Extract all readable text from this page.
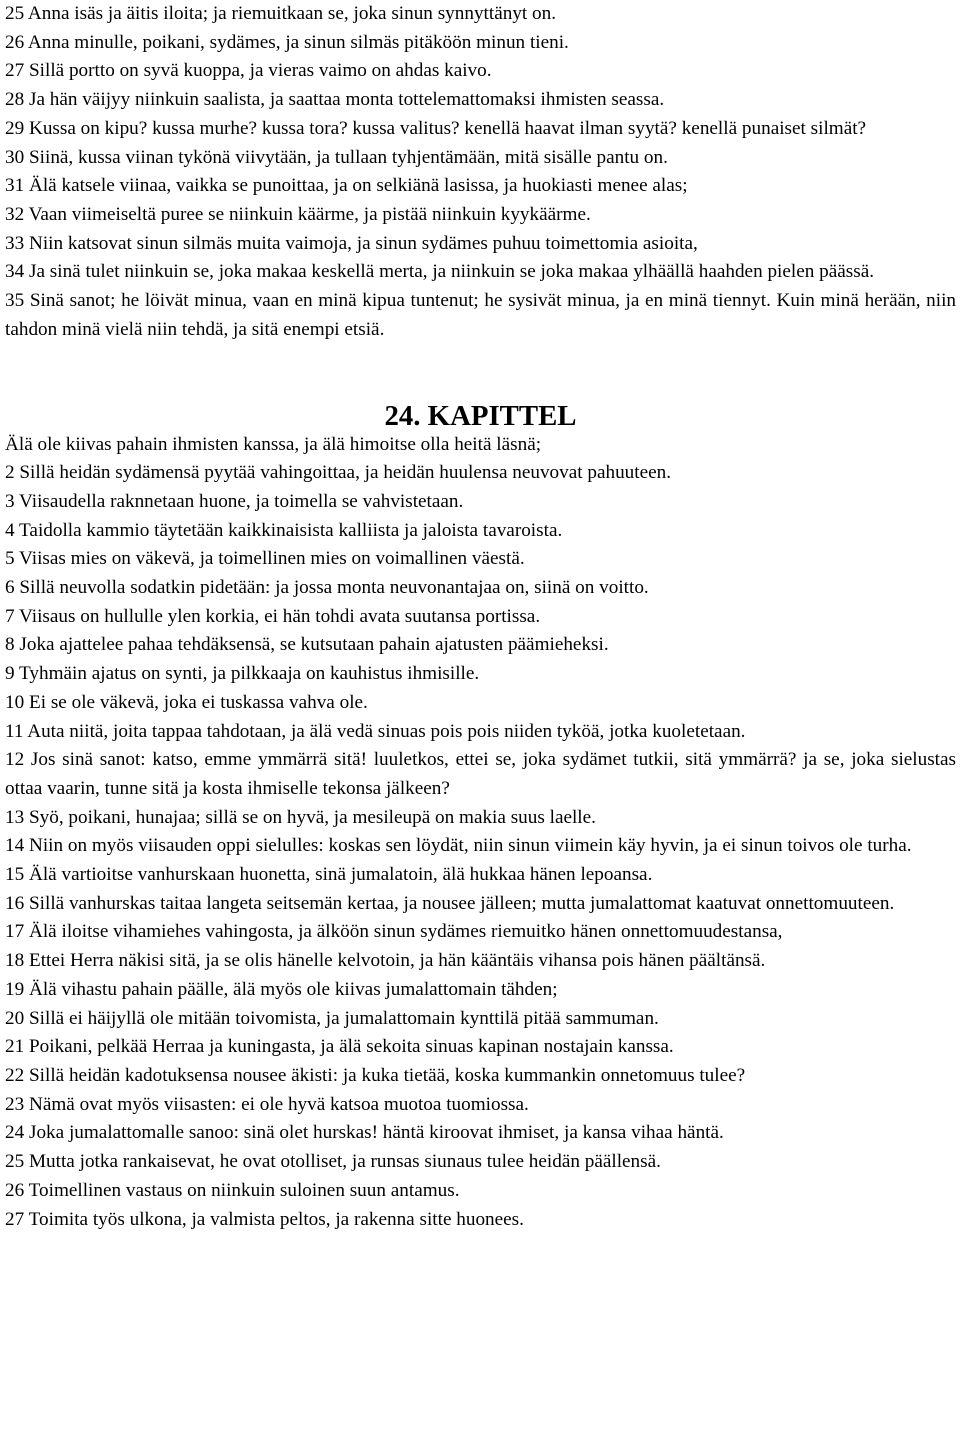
25 Anna isäs ja äitis iloita; ja riemuitkaan se, joka sinun synnyttänyt on.

26 Anna minulle, poikani, sydämes, ja sinun silmäs pitäköön minun tieni.

27 Sillä portto on syvä kuoppa, ja vieras vaimo on ahdas kaivo.

28 Ja hän väijyy niinkuin saalista, ja saattaa monta tottelemattomaksi ihmisten seassa.

29 Kussa on kipu? kussa murhe? kussa tora? kussa valitus? kenellä haavat ilman syytä? kenellä punaiset silmät?

30 Siinä, kussa viinan tykönä viivytään, ja tullaan tyhjentämään, mitä sisälle pantu on.

31 Älä katsele viinaa, vaikka se punoittaa, ja on selkiänä lasissa, ja huokiasti menee alas;

32 Vaan viimeiseltä puree se niinkuin käärme, ja pistää niinkuin kyykäärme.

33 Niin katsovat sinun silmäs muita vaimoja, ja sinun sydämes puhuu toimettomia asioita,

34 Ja sinä tulet niinkuin se, joka makaa keskellä merta, ja niinkuin se joka makaa ylhäällä haahden pielen päässä.

35 Sinä sanot; he löivät minua, vaan en minä kipua tuntenut; he sysivät minua, ja en minä tiennyt. Kuin minä herään, niin tahdon minä vielä niin tehdä, ja sitä enempi etsiä.

24. KAPITTEL

Älä ole kiivas pahain ihmisten kanssa, ja älä himoitse olla heitä läsnä;

2 Sillä heidän sydämensä pyytää vahingoittaa, ja heidän huulensa neuvovat pahuuteen.

3 Viisaudella raknnetaan huone, ja toimella se vahvistetaan.

4 Taidolla kammio täytetään kaikkinaisista kalliista ja jaloista tavaroista.

5 Viisas mies on väkevä, ja toimellinen mies on voimallinen väestä.

6 Sillä neuvolla sodatkin pidetään: ja jossa monta neuvonantajaa on, siinä on voitto.

7 Viisaus on hullulle ylen korkia, ei hän tohdi avata suutansa portissa.

8 Joka ajattelee pahaa tehdäksensä, se kutsutaan pahain ajatusten päämieheksi.

9 Tyhmäin ajatus on synti, ja pilkkaaja on kauhistus ihmisille.

10 Ei se ole väkevä, joka ei tuskassa vahva ole.

11 Auta niitä, joita tappaa tahdotaan, ja älä vedä sinuas pois pois niiden tyköä, jotka kuoletetaan.

12 Jos sinä sanot: katso, emme ymmärrä sitä! luuletkos, ettei se, joka sydämet tutkii, sitä ymmärrä? ja se, joka sielustas ottaa vaarin, tunne sitä ja kosta ihmiselle tekonsa jälkeen?

13 Syö, poikani, hunajaa; sillä se on hyvä, ja mesileupä on makia suus laelle.

14 Niin on myös viisauden oppi sielulles: koskas sen löydät, niin sinun viimein käy hyvin, ja ei sinun toivos ole turha.

15 Älä vartioitse vanhurskaan huonetta, sinä jumalatoin, älä hukkaa hänen lepoansa.

16 Sillä vanhurskas taitaa langeta seitsemän kertaa, ja nousee jälleen; mutta jumalattomat kaatuvat onnettomuuteen.

17 Älä iloitse vihamiehes vahingosta, ja älköön sinun sydämes riemuitko hänen onnettomuudestansa,

18 Ettei Herra näkisi sitä, ja se olis hänelle kelvotoin, ja hän kääntäis vihansa pois hänen päältänsä.

19 Älä vihastu pahain päälle, älä myös ole kiivas jumalattomain tähden;

20 Sillä ei häijyllä ole mitään toivomista, ja jumalattomain kynttilä pitää sammuman.

21 Poikani, pelkää Herraa ja kuningasta, ja älä sekoita sinuas kapinan nostajain kanssa.

22 Sillä heidän kadotuksensa nousee äkisti: ja kuka tietää, koska kummankin onnetomuus tulee?

23 Nämä ovat myös viisasten: ei ole hyvä katsoa muotoa tuomiossa.

24 Joka jumalattomalle sanoo: sinä olet hurskas! häntä kiroovat ihmiset, ja kansa vihaa häntä.

25 Mutta jotka rankaisevat, he ovat otolliset, ja runsas siunaus tulee heidän päällensä.

26 Toimellinen vastaus on niinkuin suloinen suun antamus.

27 Toimita työs ulkona, ja valmista peltos, ja rakenna sitte huonees.
